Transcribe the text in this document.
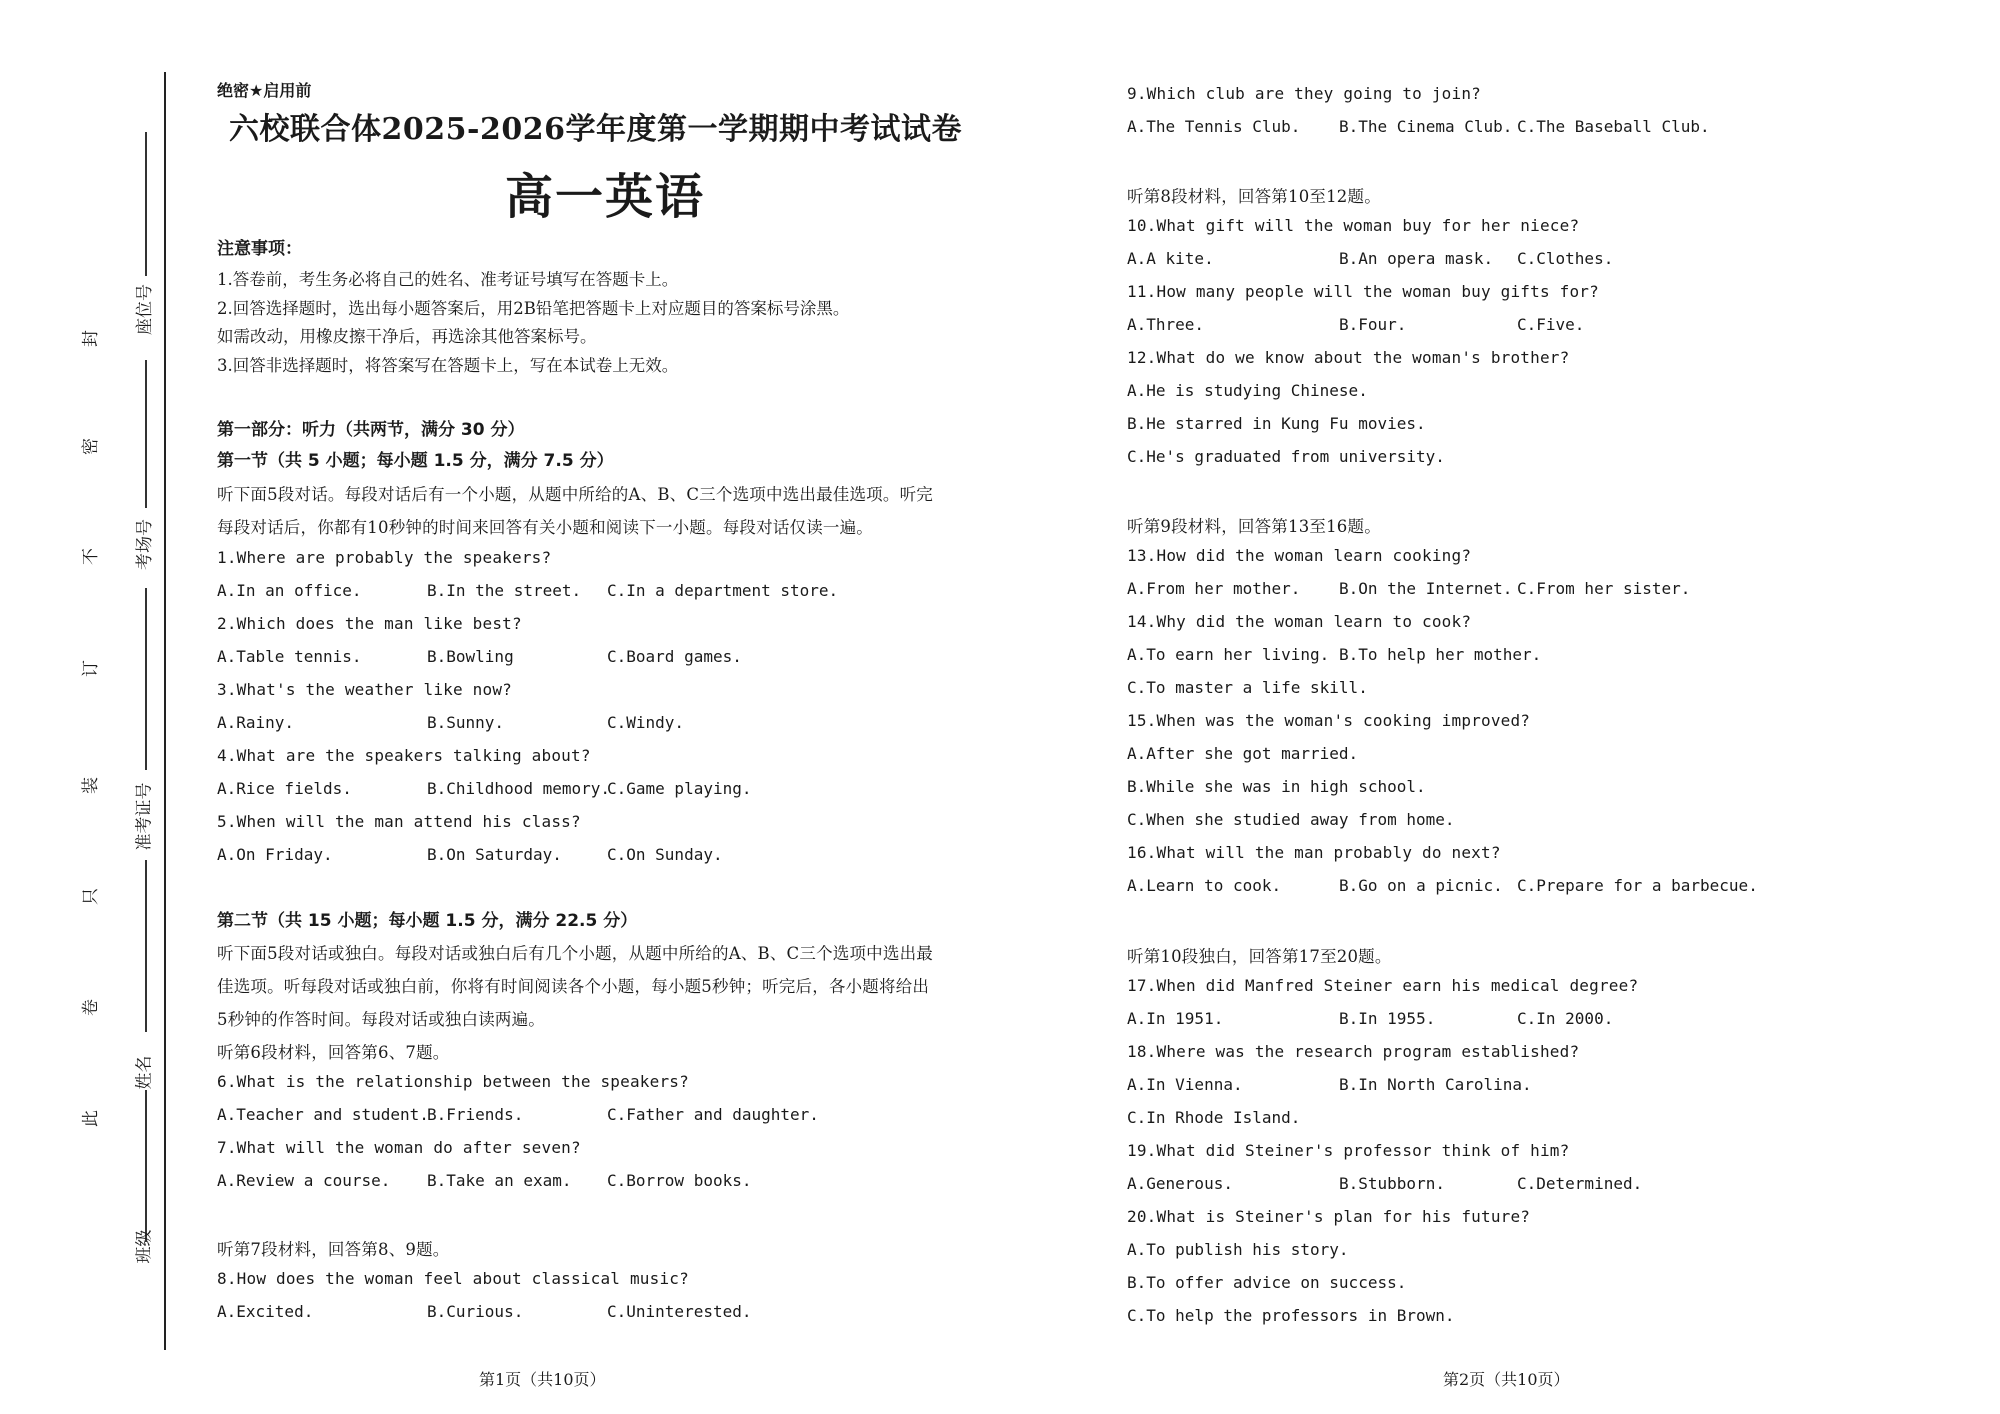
封
密
不
订
装
只
卷
此
座位号
考场号
准考证号
姓名
班级
绝密★启用前
六校联合体2025-2026学年度第一学期期中考试试卷
高一英语
注意事项：
1.答卷前，考生务必将自己的姓名、准考证号填写在答题卡上。
2.回答选择题时，选出每小题答案后，用2B铅笔把答题卡上对应题目的答案标号涂黑。
如需改动，用橡皮擦干净后，再选涂其他答案标号。
3.回答非选择题时，将答案写在答题卡上，写在本试卷上无效。
第一部分：听力（共两节，满分 30 分）
第一节（共 5 小题；每小题 1.5 分，满分 7.5 分）
听下面5段对话。每段对话后有一个小题，从题中所给的A、B、C三个选项中选出最佳选项。听完
每段对话后，你都有10秒钟的时间来回答有关小题和阅读下一小题。每段对话仅读一遍。
1.Where are probably the speakers?
A.In an office.	B.In the street. C.In a department store.
2.Which does the man like best?
A.Table tennis.	B.Bowling	C.Board games.
3.What's the weather like now?
A.Rainy.	B.Sunny.	C.Windy.
4.What are the speakers talking about?
A.Rice fields.	B.Childhood memory.
C.Game playing.
5.When will the man attend his class?
A.On Friday.	B.On Saturday.	C.On Sunday.
第二节（共 15 小题；每小题 1.5 分，满分 22.5 分）
听下面5段对话或独白。每段对话或独白后有几个小题，从题中所给的A、B、C三个选项中选出最
佳选项。听每段对话或独白前，你将有时间阅读各个小题，每小题5秒钟；听完后，各小题将给出
5秒钟的作答时间。每段对话或独白读两遍。
听第6段材料，回答第6、7题。
6.What is the relationship between the speakers?
A.Teacher and student.
B.Friends.	C.Father and daughter.
7.What will the woman do after seven?
A.Review a course. B.Take an exam. C.Borrow books.
听第7段材料，回答第8、9题。
8.How does the woman feel about classical music?
A.Excited.	B.Curious.	C.Uninterested.
第1页（共10页）
9.Which club are they going to join?
A.The Tennis Club. B.The Cinema Club. C.The Baseball Club.
听第8段材料，回答第10至12题。
10.What gift will the woman buy for her niece?
A.A kite.	B.An opera mask. C.Clothes.
11.How many people will the woman buy gifts for?
A.Three.	B.Four.	C.Five.
12.What do we know about the woman's brother?
A.He is studying Chinese.
B.He starred in Kung Fu movies.
C.He's graduated from university.
听第9段材料，回答第13至16题。
13.How did the woman learn cooking?
A.From her mother. B.On the Internet. C.From her sister.
14.Why did the woman learn to cook?
A.To earn her living. B.To help her mother.
C.To master a life skill.
15.When was the woman's cooking improved?
A.After she got married.
B.While she was in high school.
C.When she studied away from home.
16.What will the man probably do next?
A.Learn to cook.	B.Go on a picnic. C.Prepare for a barbecue.
听第10段独白，回答第17至20题。
17.When did Manfred Steiner earn his medical degree?
A.In 1951.	B.In 1955.	C.In 2000.
18.Where was the research program established?
A.In Vienna.	B.In North Carolina.
C.In Rhode Island.
19.What did Steiner's professor think of him?
A.Generous.	B.Stubborn.	C.Determined.
20.What is Steiner's plan for his future?
A.To publish his story.
B.To offer advice on success.
C.To help the professors in Brown.
第2页（共10页）
